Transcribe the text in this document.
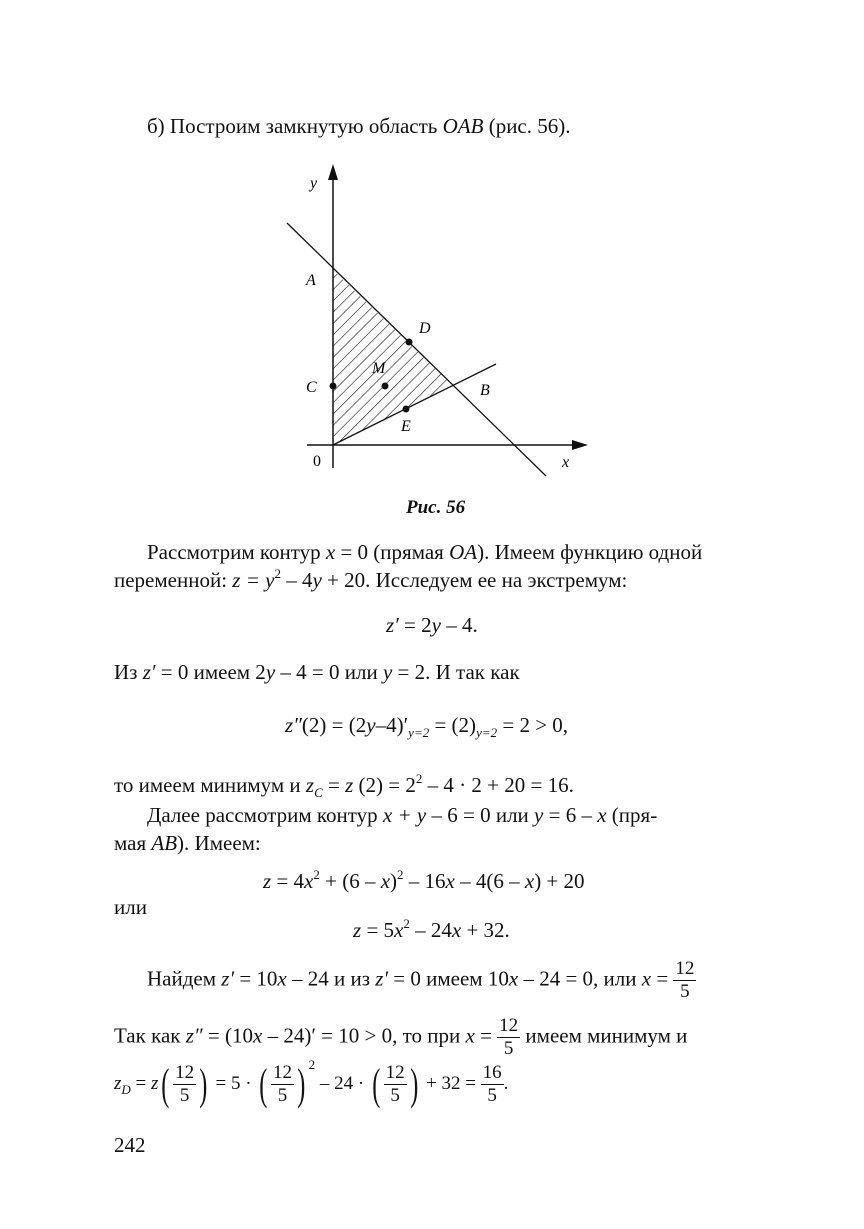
б) Построим замкнутую область OAB (рис. 56).
y
A
D
M
C	B
E
0	x
Рис. 56
Рассмотрим контур x = 0 (прямая OA). Имеем функцию одной
переменной: $z = y^2 - 4y + 20$. Исследуем ее на экстремум:
z′ = 2y – 4.
Из z′ = 0 имеем 2y – 4 = 0 или y = 2. И так как
$z''(2) = (2y-4)'_{y=2} = (2)_{y=2} = 2 > 0$,
то имеем минимум и $z_C = z$ $(2) = 2^2 - 4 \cdot 2 + 20 = 16$.
Далее рассмотрим контур x + y – 6 = 0 или y = 6 – x (пря-
мая AB). Имеем:
$z = 4x^2 + (6 - x)^2 - 16x - 4(6 - x) + 20$
или
$z = 5x^2 - 24x + 32$.
Найдем z′ = 10x – 24 и из z′ = 0 имеем 10x – 24 = 0, или $x = \frac{12}{5}$
Так как z″ = (10x – 24)′ = 10 > 0, то при $x = \frac{12}{5}$ имеем минимум и
$z_D = z( \frac{12}{5}$ ) = 5 · ( $\frac{12}{5}$ ) $^2$ – 24 · ( $\frac{12}{5}$ ) + $32 = \frac{16}{5}$ .
242
